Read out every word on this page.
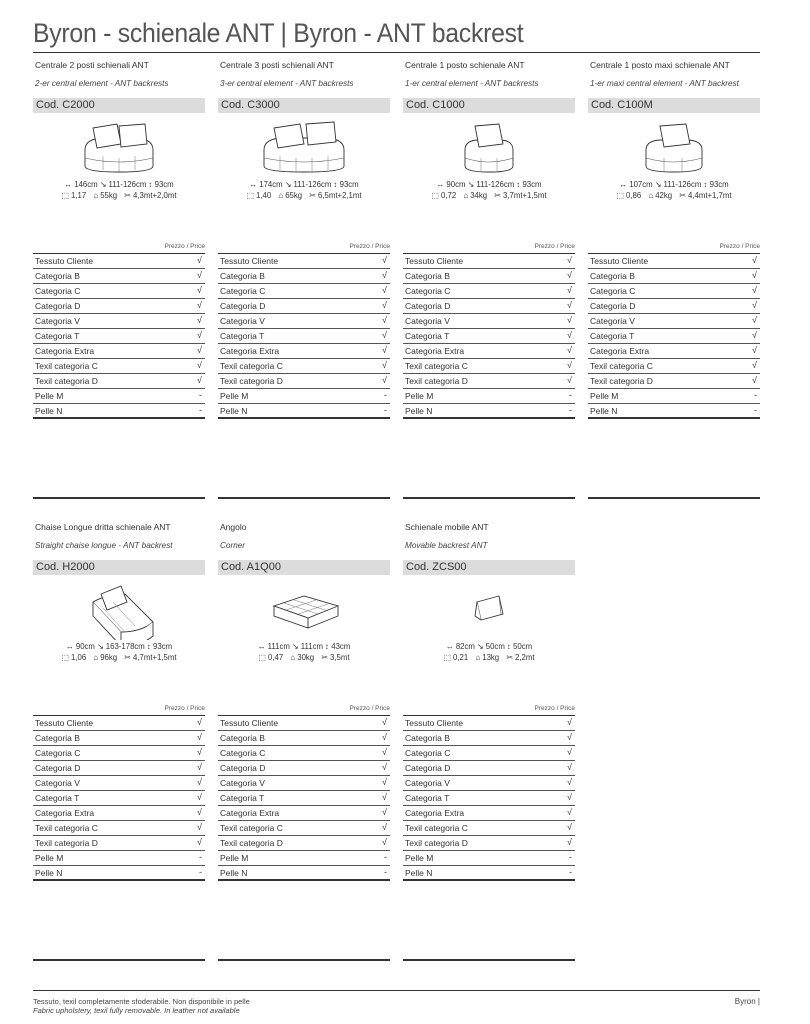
Byron - schienale ANT | Byron - ANT backrest
Centrale 2 posti schienali ANT
2-er central element - ANT backrests
Cod. C2000
↔ 146cm ↘ 111-126cm ↕ 93cm
⬚ 1,17 ⌂ 55kg ✂ 4,3mt+2,0mt
Prezzo / Price
Tessuto Cliente	√
Categoria B	√
Categoria C	√
Categoria D	√
Categoria V	√
Categoria T	√
Categoria Extra	√
Texil categoria C	√
Texil categoria D	√
Pelle M	-
Pelle N	-
Centrale 3 posti schienali ANT
3-er central element - ANT backrests
Cod. C3000
↔ 174cm ↘ 111-126cm ↕ 93cm
⬚ 1,40 ⌂ 65kg ✂ 6,5mt+2,1mt
Prezzo / Price
Tessuto Cliente	√
Categoria B	√
Categoria C	√
Categoria D	√
Categoria V	√
Categoria T	√
Categoria Extra	√
Texil categoria C	√
Texil categoria D	√
Pelle M	-
Pelle N	-
Centrale 1 posto schienale ANT
1-er central element - ANT backrests
Cod. C1000
↔ 90cm ↘ 111-126cm ↕ 93cm
⬚ 0,72 ⌂ 34kg ✂ 3,7mt+1,5mt
Prezzo / Price
Tessuto Cliente	√
Categoria B	√
Categoria C	√
Categoria D	√
Categoria V	√
Categoria T	√
Categoria Extra	√
Texil categoria C	√
Texil categoria D	√
Pelle M	-
Pelle N	-
Centrale 1 posto maxi schienale ANT
1-er maxi central element - ANT backrest
Cod. C100M
↔ 107cm ↘ 111-126cm ↕ 93cm
⬚ 0,86 ⌂ 42kg ✂ 4,4mt+1,7mt
Prezzo / Price
Tessuto Cliente	√
Categoria B	√
Categoria C	√
Categoria D	√
Categoria V	√
Categoria T	√
Categoria Extra	√
Texil categoria C	√
Texil categoria D	√
Pelle M	-
Pelle N	-
Chaise Longue dritta schienale ANT
Straight chaise longue - ANT backrest
Cod. H2000
↔ 90cm ↘ 163-178cm ↕ 93cm
⬚ 1,06 ⌂ 96kg ✂ 4,7mt+1,5mt
Prezzo / Price
Tessuto Cliente	√
Categoria B	√
Categoria C	√
Categoria D	√
Categoria V	√
Categoria T	√
Categoria Extra	√
Texil categoria C	√
Texil categoria D	√
Pelle M	-
Pelle N	-
Angolo
Corner
Cod. A1Q00
↔ 111cm ↘ 111cm ↕ 43cm
⬚ 0,47 ⌂ 30kg ✂ 3,5mt
Prezzo / Price
Tessuto Cliente	√
Categoria B	√
Categoria C	√
Categoria D	√
Categoria V	√
Categoria T	√
Categoria Extra	√
Texil categoria C	√
Texil categoria D	√
Pelle M	-
Pelle N	-
Schienale mobile ANT
Movable backrest ANT
Cod. ZCS00
↔ 82cm ↘ 50cm ↕ 50cm
⬚ 0,21 ⌂ 13kg ✂ 2,2mt
Prezzo / Price
Tessuto Cliente	√
Categoria B	√
Categoria C	√
Categoria D	√
Categoria V	√
Categoria T	√
Categoria Extra	√
Texil categoria C	√
Texil categoria D	√
Pelle M	-
Pelle N	-
Tessuto, texil completamente sfoderabile. Non disponibile in pelle
Fabric upholstery, texil fully removable. In leather not available
Byron |
